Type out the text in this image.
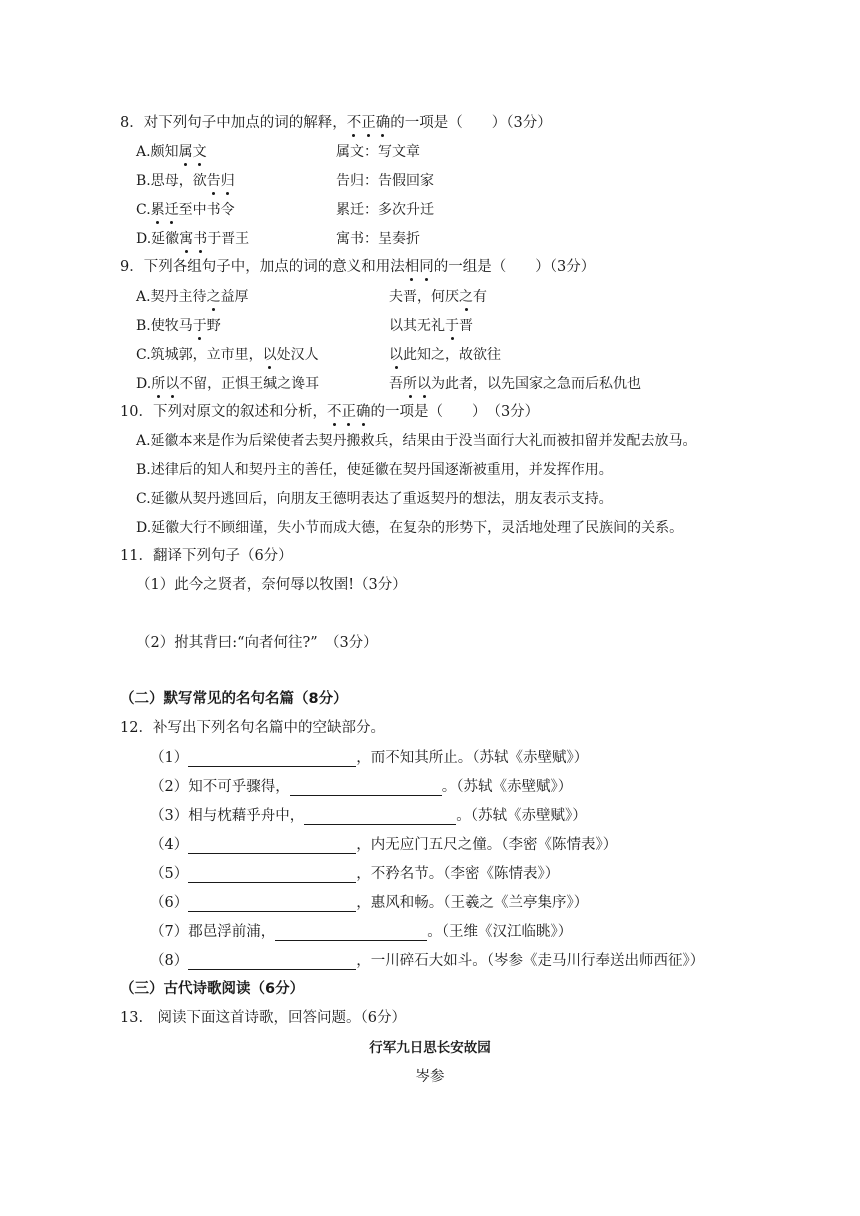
8．对下列句子中加点的词的解释，不正确的一项是（　　）（3分）
A.颇知属文	属文：写文章
B.思母，欲告归	告归：告假回家
C.累迁至中书令	累迁：多次升迁
D.延徽寓书于晋王	寓书：呈奏折
9．下列各组句子中，加点的词的意义和用法相同的一组是（　　）（3分）
A.契丹主待之益厚	夫晋，何厌之有
B.使牧马于野	以其无礼于晋
C.筑城郭，立市里，以处汉人	以此知之，故欲往
D.所以不留，正惧王缄之谗耳	吾所以为此者，以先国家之急而后私仇也
10．下列对原文的叙述和分析，不正确的一项是（　　）　（3分）
A.延徽本来是作为后梁使者去契丹搬救兵，结果由于没当面行大礼而被扣留并发配去放马。
B.述律后的知人和契丹主的善任，使延徽在契丹国逐渐被重用，并发挥作用。
C.延徽从契丹逃回后，向朋友王德明表达了重返契丹的想法，朋友表示支持。
D.延徽大行不顾细谨，失小节而成大德，在复杂的形势下，灵活地处理了民族间的关系。
11．翻译下列句子（6分）
（1）此今之贤者，奈何辱以牧圉!（3分）
（2）拊其背曰:“向者何往?”　（3分）
（二）默写常见的名句名篇（8分）
12．补写出下列名句名篇中的空缺部分。
（1）	，而不知其所止。（苏轼《赤壁赋》）
（2）知不可乎骤得，	。（苏轼《赤壁赋》）
（3）相与枕藉乎舟中，	。（苏轼《赤壁赋》）
（4）	，内无应门五尺之僮。（李密《陈情表》）
（5）	，不矜名节。（李密《陈情表》）
（6）	，惠风和畅。（王羲之《兰亭集序》）
（7）郡邑浮前浦，	。（王维《汉江临眺》）
（8）	，一川碎石大如斗。（岑参《走马川行奉送出师西征》）
（三）古代诗歌阅读（6分）
13.　阅读下面这首诗歌，回答问题。（6分）
行军九日思长安故园
岑参
